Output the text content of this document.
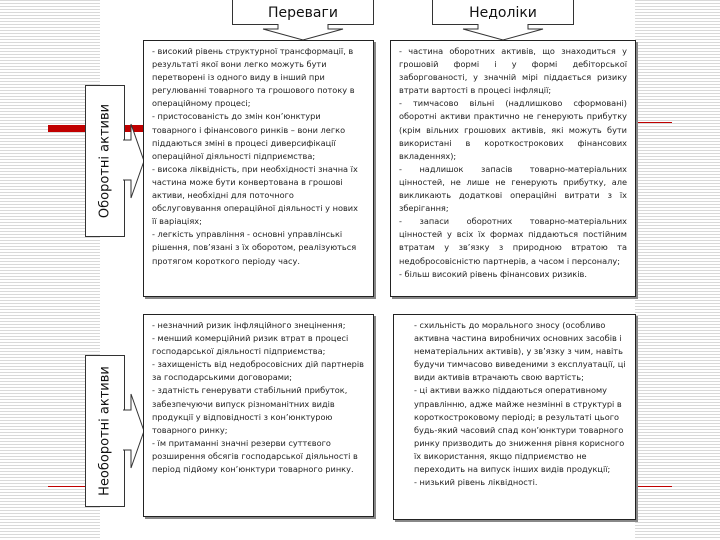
Переваги	Недоліки
Оборотні активи
Необоротні активи

- високий рівень структурної трансформації, в результаті якої вони легко можуть бути перетворені із одного виду в інший при регулюванні товарного та грошового потоку в операційному процесі;

- пристосованість до змін кон’юнктури товарного і фінансового ринків – вони легко піддаються зміні в процесі диверсифікації операційної діяльності підприємства;

- висока ліквідність, при необхідності значна їх частина може бути конвертована в грошові активи, необхідні для поточного обслуговування операційної діяльності у нових її варіаціях;

- легкість управління - основні управлінські рішення, пов’язані з їх оборотом, реалізуються протягом короткого періоду часу.

- частина оборотних активів, що знаходиться у грошовій формі і у формі дебіторської заборгованості, у значній мірі піддається ризику втрати вартості в процесі інфляції;

- тимчасово вільні (надлишково сформовані) оборотні активи практично не генерують прибутку (крім вільних грошових активів, які можуть бути використані в короткострокових фінансових вкладеннях);

- надлишок запасів товарно-матеріальних цінностей, не лише не генерують прибутку, але викликають додаткові операційні витрати з їх зберігання;

- запаси оборотних товарно-матеріальних цінностей у всіх їх формах піддаються постійним втратам у зв’язку з природною втратою та недобросовісністю партнерів, а часом і персоналу;

- більш високий рівень фінансових ризиків.

- незначний ризик інфляційного знецінення;

- менший комерційний ризик втрат в процесі господарської діяльності підприємства;

- захищеність від недобросовісних дій партнерів за господарськими договорами;

- здатність генерувати стабільний прибуток, забезпечуючи випуск різноманітних видів продукції у відповідності з кон’юнктурою товарного ринку;

- їм притаманні значні резерви суттєвого розширення обсягів господарської діяльності в період підйому кон’юнктури товарного ринку.

- схильність до морального зносу (особливо активна частина виробничих основних засобів і нематеріальних активів), у зв’язку з чим, навіть будучи тимчасово виведеними з експлуатації, ці види активів втрачають свою вартість;

- ці активи важко піддаються оперативному управлінню, адже майже незмінні в структурі в короткостроковому періоді; в результаті цього будь-який часовий спад кон’юнктури товарного ринку призводить до зниження рівня корисного їх використання, якщо підприємство не переходить на випуск інших видів продукції;

- низький рівень ліквідності.
